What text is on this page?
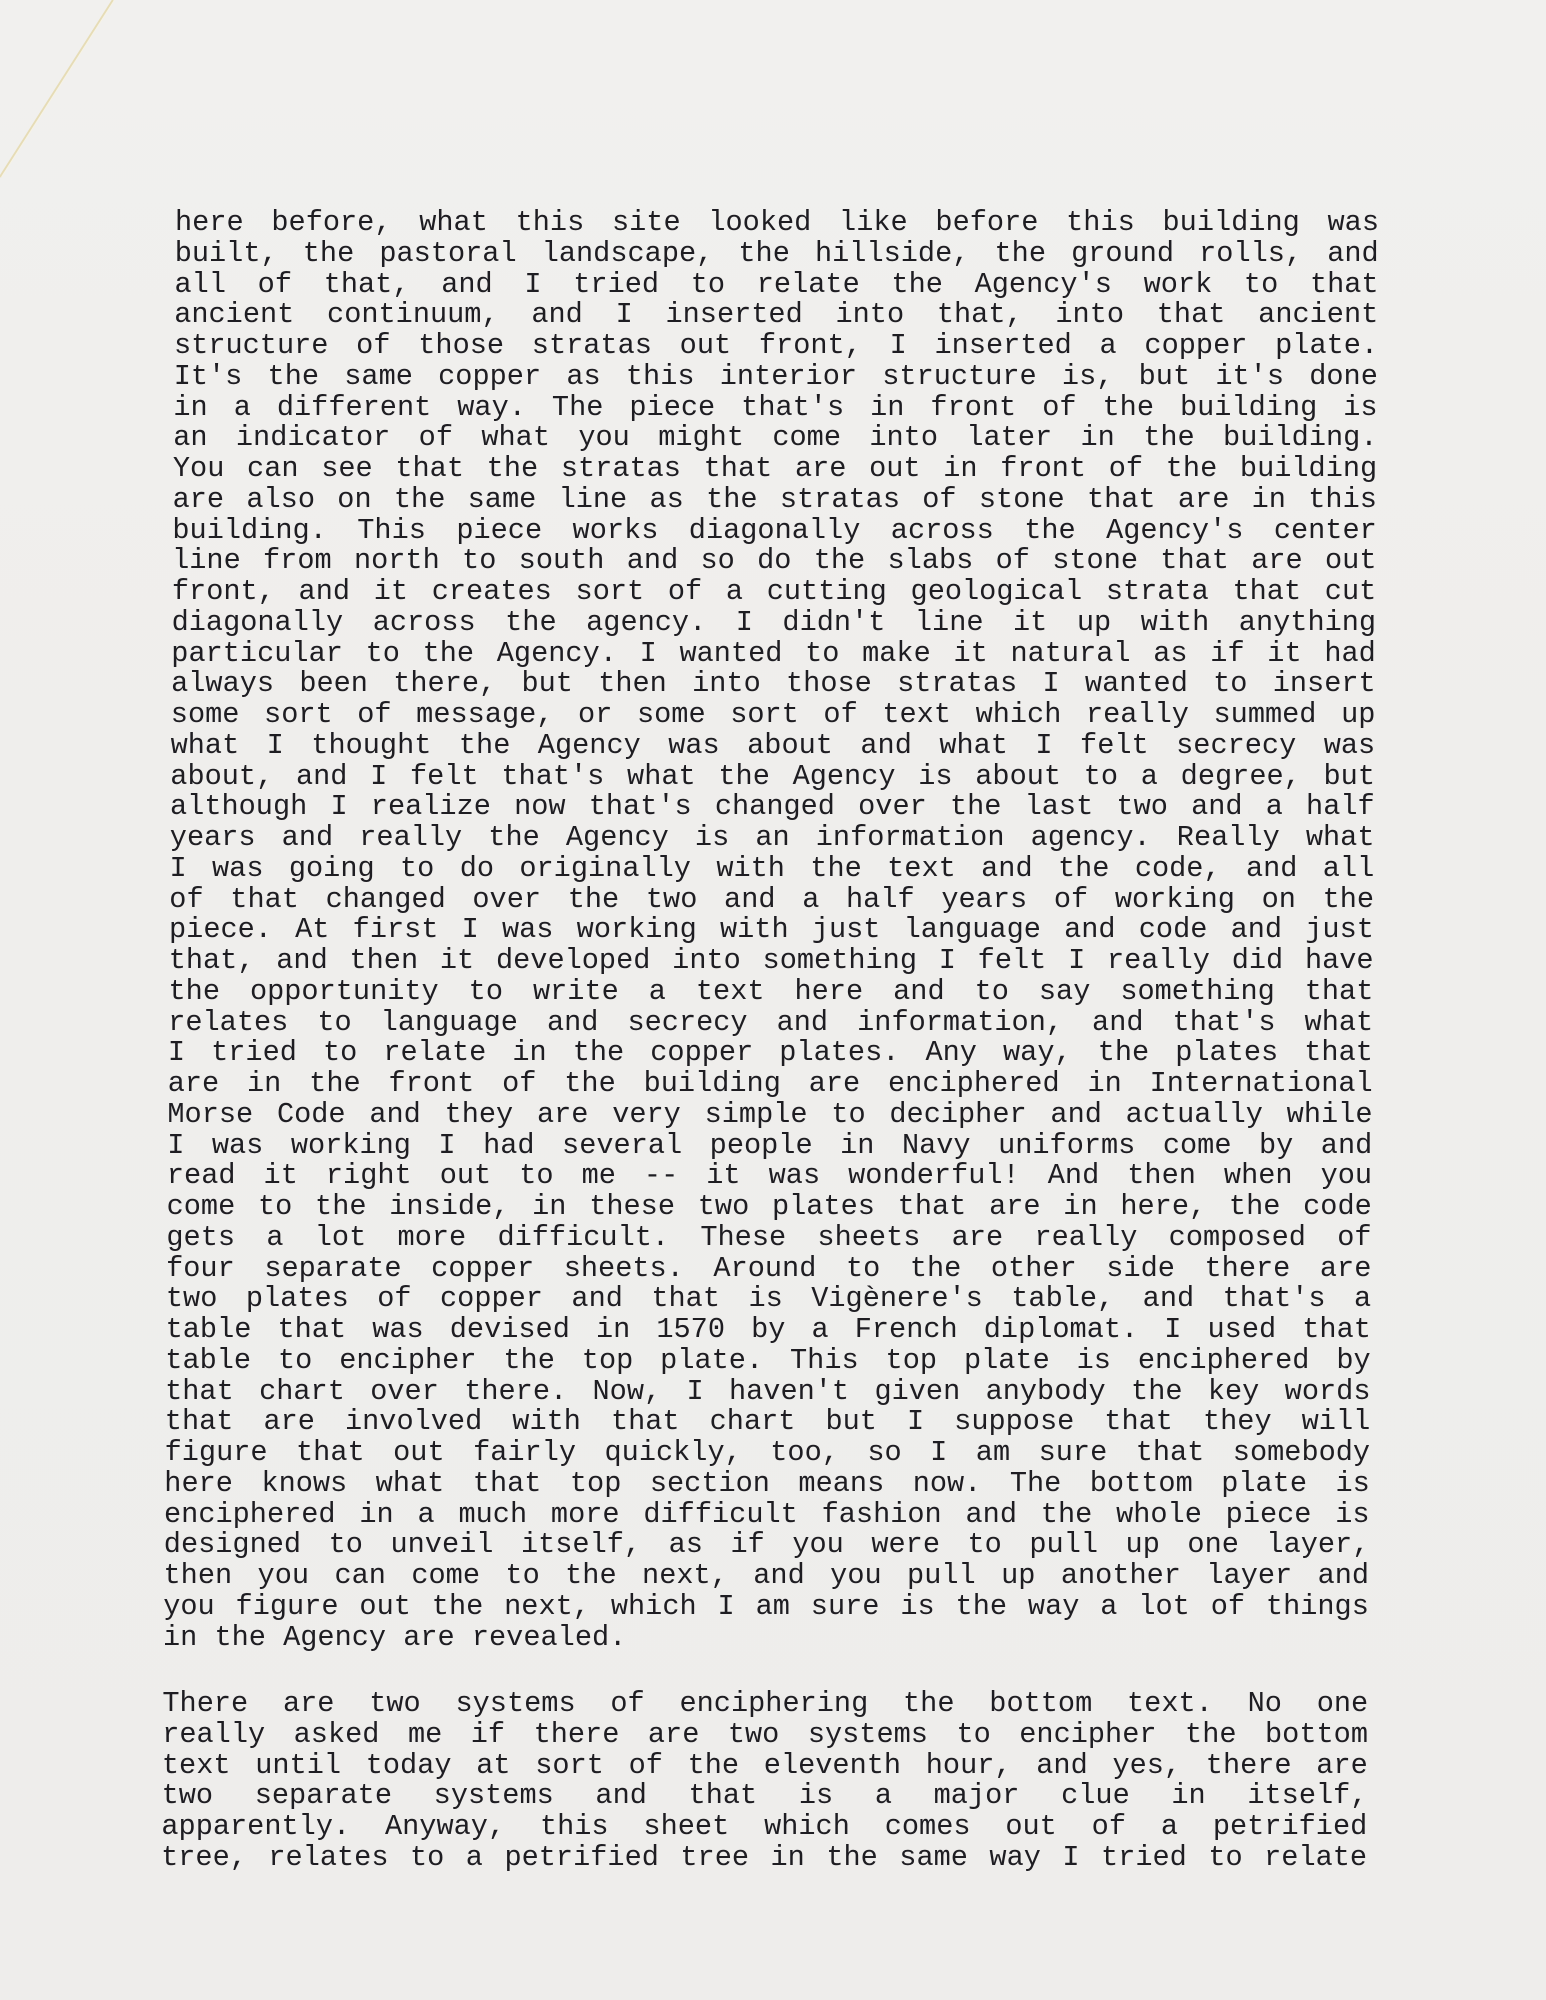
here before, what this site looked like before this building was
built, the pastoral landscape, the hillside, the ground rolls, and
all of that, and I tried to relate the Agency's work to that
ancient continuum, and I inserted into that, into that ancient
structure of those stratas out front, I inserted a copper plate.
It's the same copper as this interior structure is, but it's done
in a different way. The piece that's in front of the building is
an indicator of what you might come into later in the building.
You can see that the stratas that are out in front of the building
are also on the same line as the stratas of stone that are in this
building. This piece works diagonally across the Agency's center
line from north to south and so do the slabs of stone that are out
front, and it creates sort of a cutting geological strata that cut
diagonally across the agency. I didn't line it up with anything
particular to the Agency. I wanted to make it natural as if it had
always been there, but then into those stratas I wanted to insert
some sort of message, or some sort of text which really summed up
what I thought the Agency was about and what I felt secrecy was
about, and I felt that's what the Agency is about to a degree, but
although I realize now that's changed over the last two and a half
years and really the Agency is an information agency. Really what
I was going to do originally with the text and the code, and all
of that changed over the two and a half years of working on the
piece. At first I was working with just language and code and just
that, and then it developed into something I felt I really did have
the opportunity to write a text here and to say something that
relates to language and secrecy and information, and that's what
I tried to relate in the copper plates. Any way, the plates that
are in the front of the building are enciphered in International
Morse Code and they are very simple to decipher and actually while
I was working I had several people in Navy uniforms come by and
read it right out to me -- it was wonderful! And then when you
come to the inside, in these two plates that are in here, the code
gets a lot more difficult. These sheets are really composed of
four separate copper sheets. Around to the other side there are
two plates of copper and that is Vigènere's table, and that's a
table that was devised in 1570 by a French diplomat. I used that
table to encipher the top plate. This top plate is enciphered by
that chart over there. Now, I haven't given anybody the key words
that are involved with that chart but I suppose that they will
figure that out fairly quickly, too, so I am sure that somebody
here knows what that top section means now. The bottom plate is
enciphered in a much more difficult fashion and the whole piece is
designed to unveil itself, as if you were to pull up one layer,
then you can come to the next, and you pull up another layer and
you figure out the next, which I am sure is the way a lot of things
in the Agency are revealed.
There are two systems of enciphering the bottom text. No one
really asked me if there are two systems to encipher the bottom
text until today at sort of the eleventh hour, and yes, there are
two separate systems and that is a major clue in itself,
apparently. Anyway, this sheet which comes out of a petrified
tree, relates to a petrified tree in the same way I tried to relate
